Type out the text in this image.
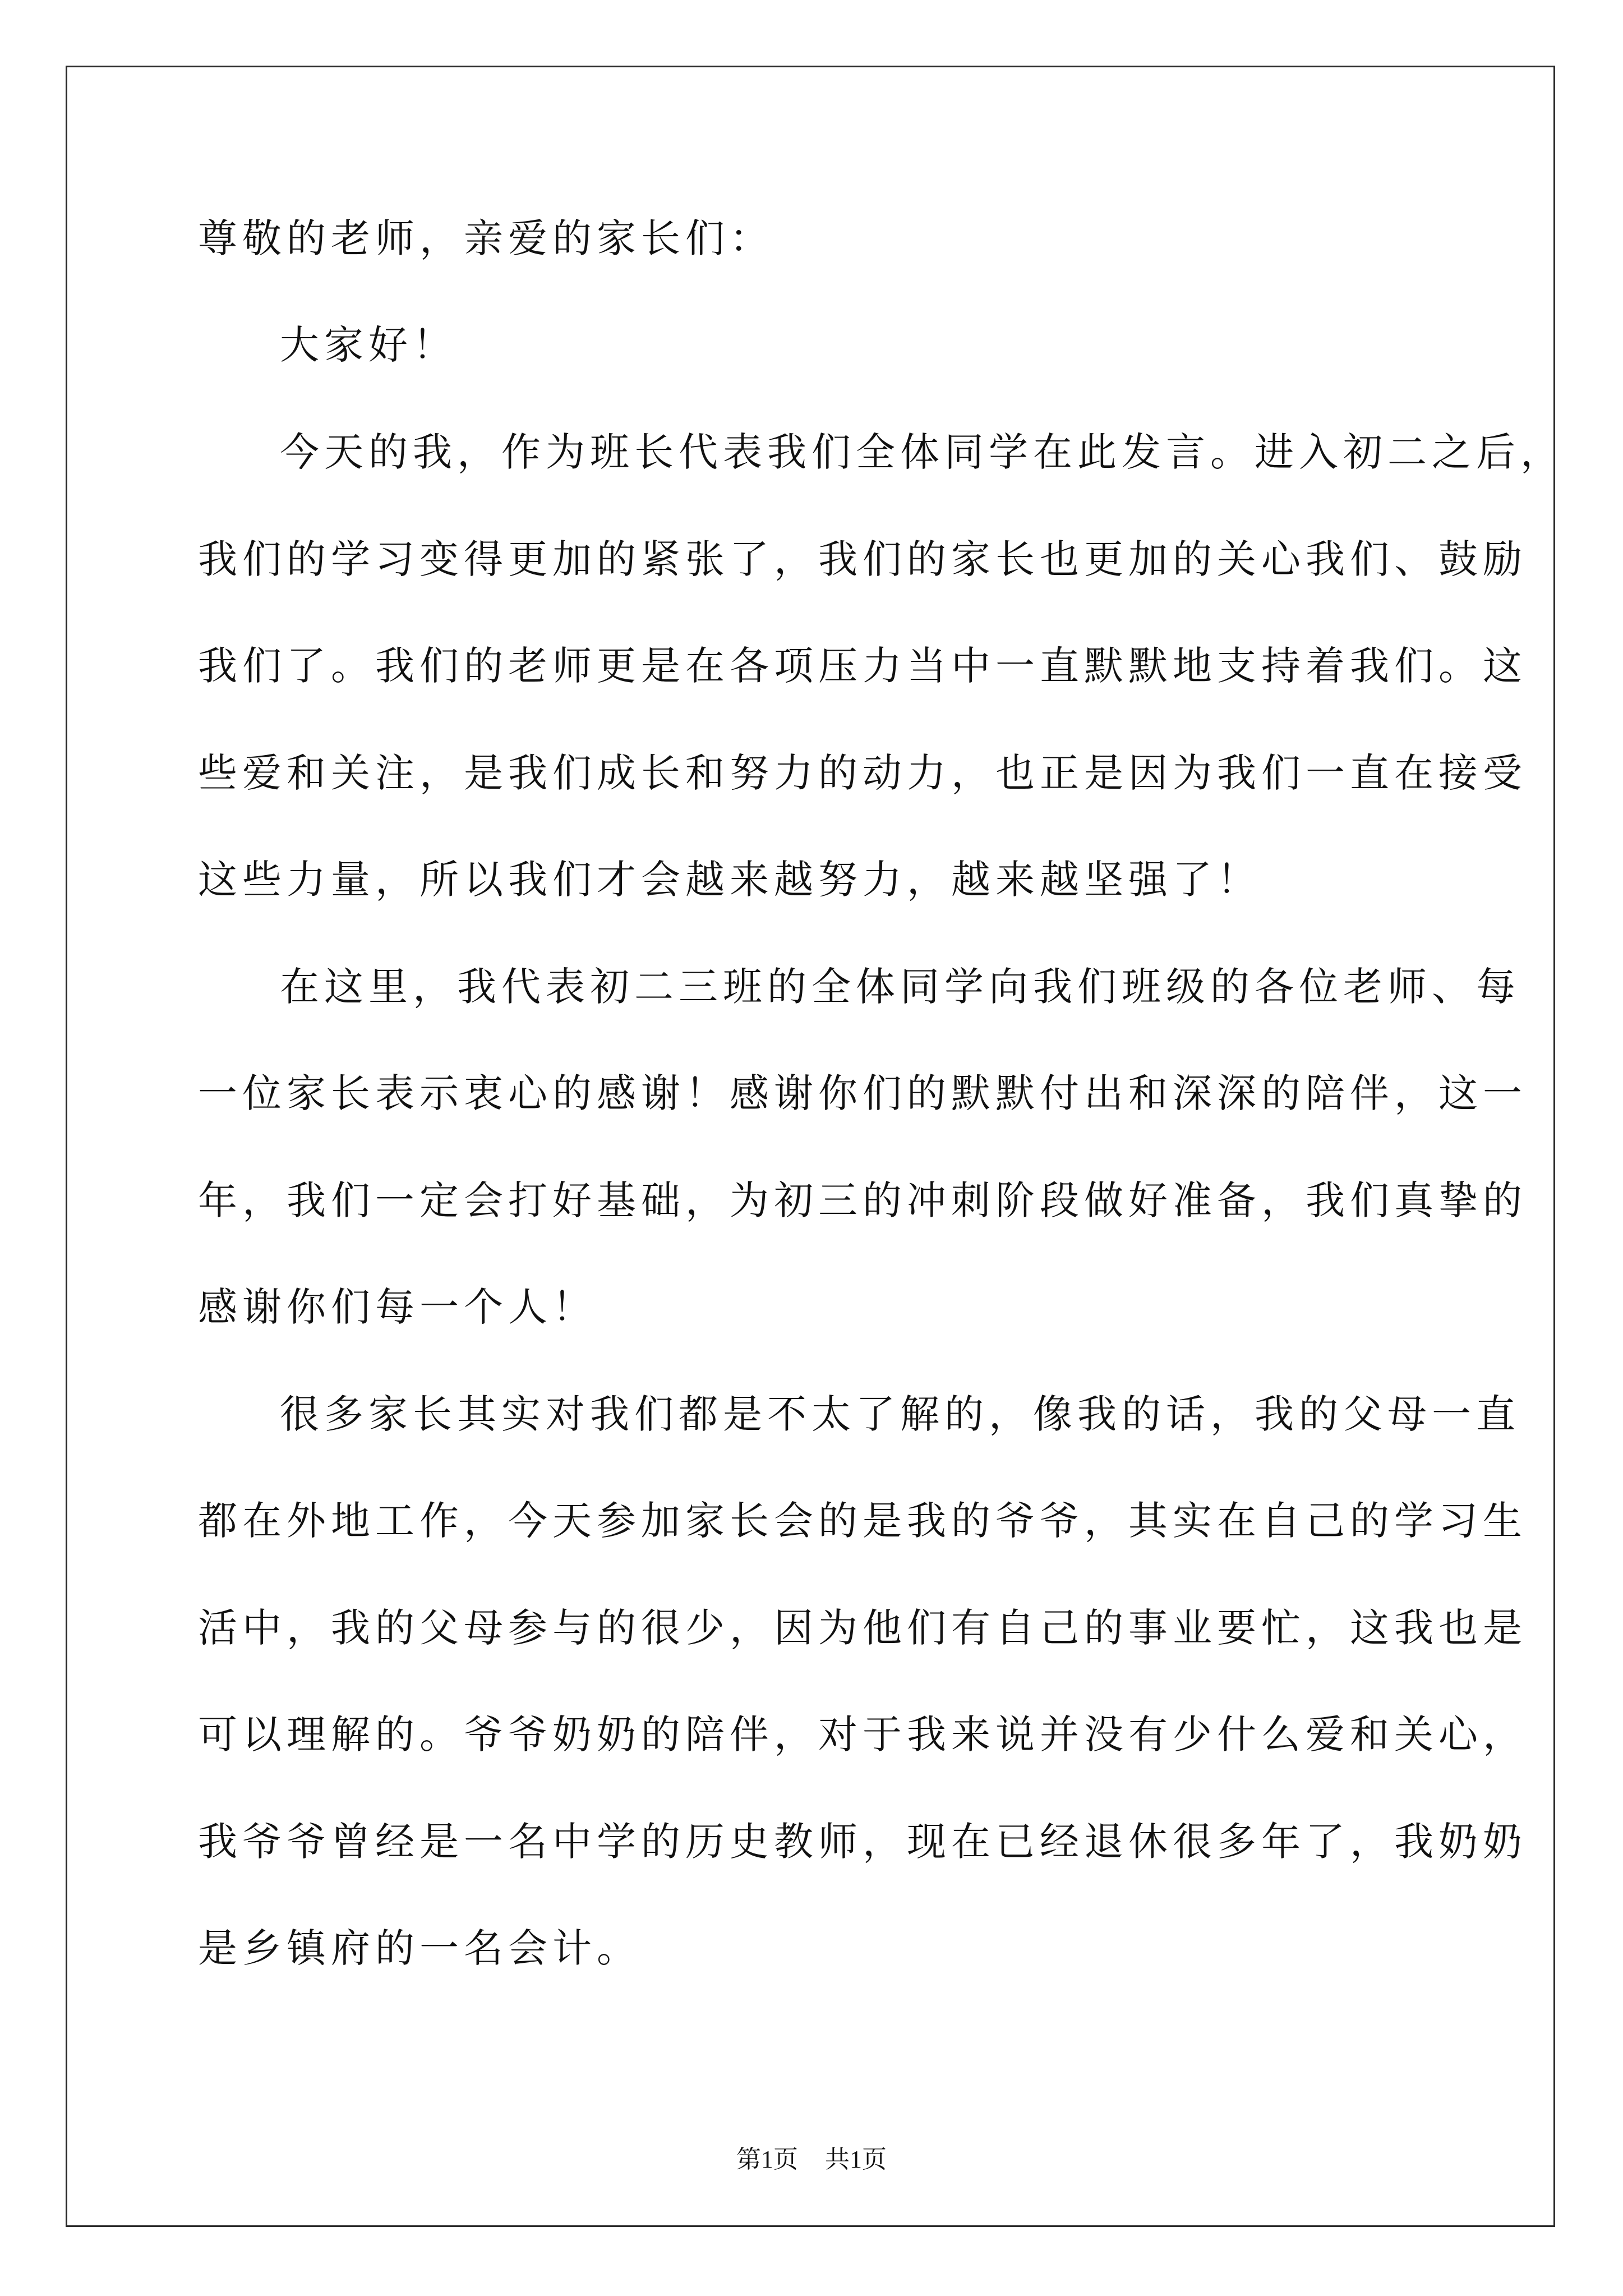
尊敬的老师，亲爱的家长们：
大家好！
今天的我，作为班长代表我们全体同学在此发言。进入初二之后，
我们的学习变得更加的紧张了，我们的家长也更加的关心我们、鼓励
我们了。我们的老师更是在各项压力当中一直默默地支持着我们。这
些爱和关注，是我们成长和努力的动力，也正是因为我们一直在接受
这些力量，所以我们才会越来越努力，越来越坚强了！
在这里，我代表初二三班的全体同学向我们班级的各位老师、每
一位家长表示衷心的感谢！感谢你们的默默付出和深深的陪伴，这一
年，我们一定会打好基础，为初三的冲刺阶段做好准备，我们真挚的
感谢你们每一个人！
很多家长其实对我们都是不太了解的，像我的话，我的父母一直
都在外地工作，今天参加家长会的是我的爷爷，其实在自己的学习生
活中，我的父母参与的很少，因为他们有自己的事业要忙，这我也是
可以理解的。爷爷奶奶的陪伴，对于我来说并没有少什么爱和关心，
我爷爷曾经是一名中学的历史教师，现在已经退休很多年了，我奶奶
是乡镇府的一名会计。
第1页 共1页
